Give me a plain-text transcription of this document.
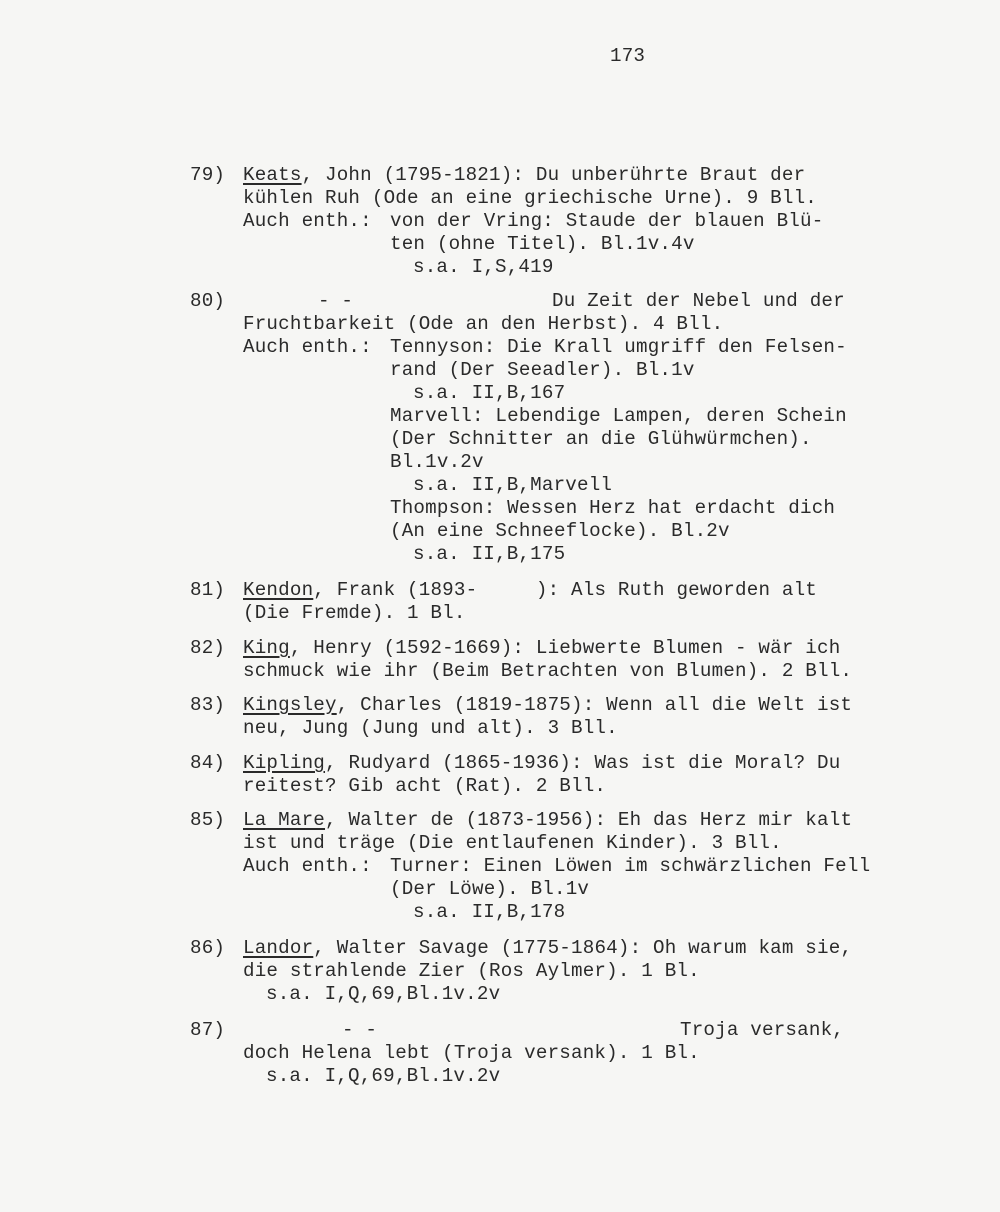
173
79) Keats, John (1795-1821): Du unberührte Braut der
kühlen Ruh (Ode an eine griechische Urne). 9 Bll.
Auch enth.: von der Vring: Staude der blauen Blü-
ten (ohne Titel). Bl.1v.4v
s.a. I,S,419
80)	- -	Du Zeit der Nebel und der
Fruchtbarkeit (Ode an den Herbst). 4 Bll.
Auch enth.: Tennyson: Die Krall umgriff den Felsen-
rand (Der Seeadler). Bl.1v
s.a. II,B,167
Marvell: Lebendige Lampen, deren Schein
(Der Schnitter an die Glühwürmchen).
Bl.1v.2v
s.a. II,B,Marvell
Thompson: Wessen Herz hat erdacht dich
(An eine Schneeflocke). Bl.2v
s.a. II,B,175
81) Kendon, Frank (1893-     ): Als Ruth geworden alt
(Die Fremde). 1 Bl.
82) King, Henry (1592-1669): Liebwerte Blumen - wär ich
schmuck wie ihr (Beim Betrachten von Blumen). 2 Bll.
83) Kingsley, Charles (1819-1875): Wenn all die Welt ist
neu, Jung (Jung und alt). 3 Bll.
84) Kipling, Rudyard (1865-1936): Was ist die Moral? Du
reitest? Gib acht (Rat). 2 Bll.
85) La Mare, Walter de (1873-1956): Eh das Herz mir kalt
ist und träge (Die entlaufenen Kinder). 3 Bll.
Auch enth.: Turner: Einen Löwen im schwärzlichen Fell
(Der Löwe). Bl.1v
s.a. II,B,178
86) Landor, Walter Savage (1775-1864): Oh warum kam sie,
die strahlende Zier (Ros Aylmer). 1 Bl.
s.a. I,Q,69,Bl.1v.2v
87)	- -	Troja versank,
doch Helena lebt (Troja versank). 1 Bl.
s.a. I,Q,69,Bl.1v.2v
